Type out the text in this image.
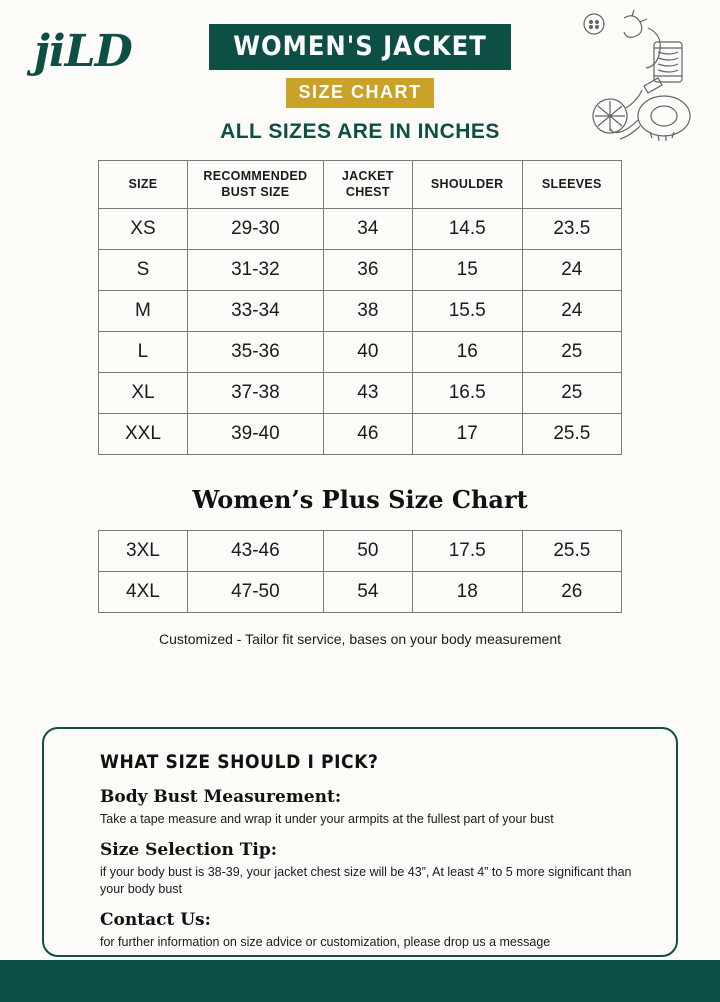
jiLD	WOMEN'S JACKET
SIZE CHART
ALL SIZES ARE IN INCHES
SIZE	RECOMMENDED BUST SIZE	JACKET CHEST	SHOULDER	SLEEVES
XS	29-30	34	14.5	23.5
S	31-32	36	15	24
M	33-34	38	15.5	24
L	35-36	40	16	25
XL	37-38	43	16.5	25
XXL	39-40	46	17	25.5
Women’s Plus Size Chart
3XL	43-46	50	17.5	25.5
4XL	47-50	54	18	26
Customized - Tailor fit service, bases on your body measurement
WHAT SIZE SHOULD I PICK?
Body Bust Measurement:
Take a tape measure and wrap it under your armpits at the fullest part of your bust
Size Selection Tip:
if your body bust is 38-39, your jacket chest size will be 43”, At least 4” to 5 more significant than your body bust
Contact Us:
for further information on size advice or customization, please drop us a message
